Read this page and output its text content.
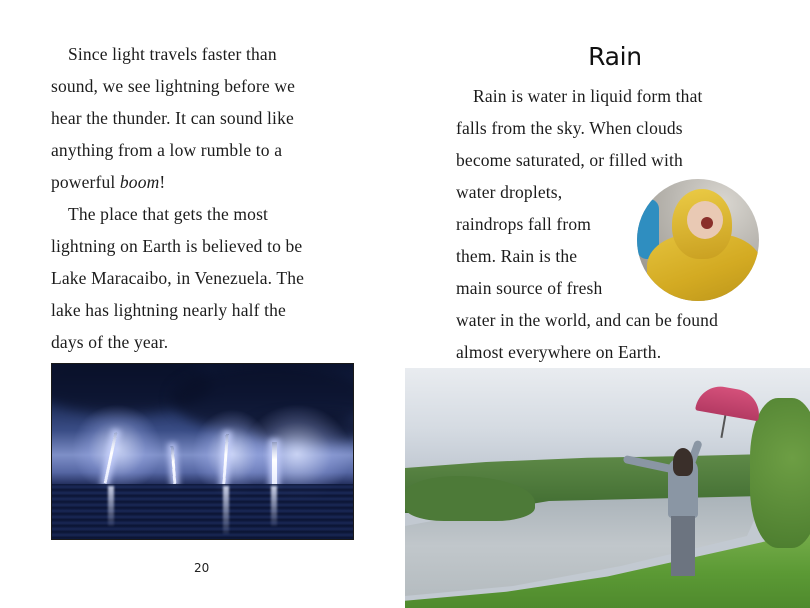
Since light travels faster than
sound, we see lightning before we
hear the thunder. It can sound like
anything from a low rumble to a
powerful boom!
The place that gets the most
lightning on Earth is believed to be
Lake Maracaibo, in Venezuela. The
lake has lightning nearly half the
days of the year.
20
Rain
Rain is water in liquid form that
falls from the sky. When clouds
become saturated, or filled with
water droplets,
raindrops fall from
them. Rain is the
main source of fresh
water in the world, and can be found
almost everywhere on Earth.
